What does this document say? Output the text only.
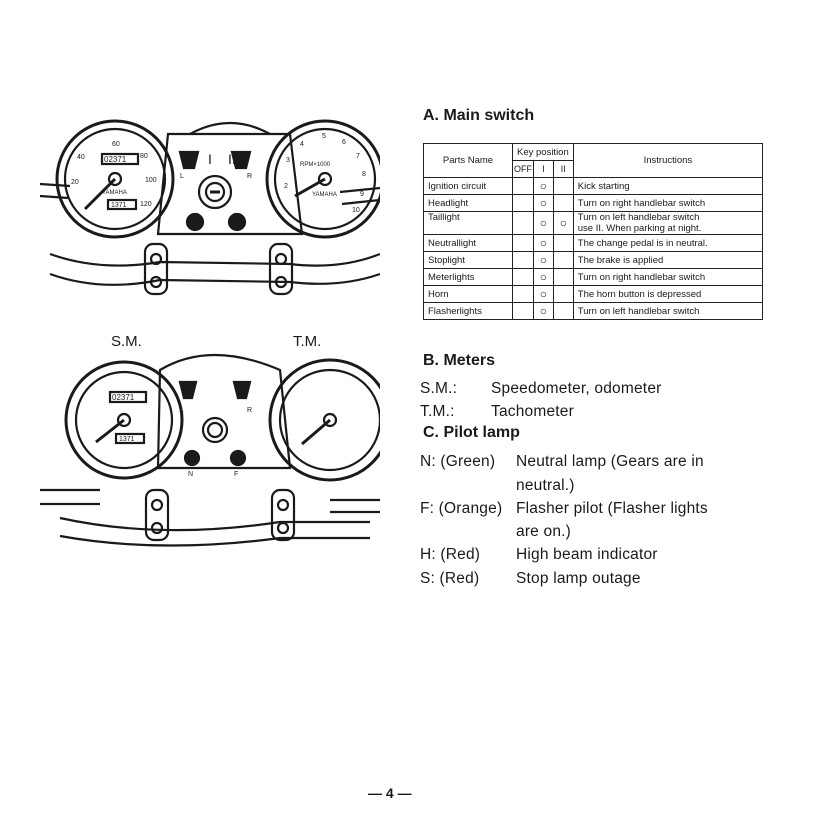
40
60
80
100
120
20
02371
1371
YAMAHA
RPM×1000
YAMAHA
2
3
4
5
6
7
8
9
10
I II
L	R
S.M.	T.M.
02371
1371
L	R
N	F
A. Main switch
Parts Name	Key position			Instructions
	OFF	I	II	
Ignition circuit		○		Kick starting
Headlight		○		Turn on right handlebar switch
Taillight		○	○	Turn on left handlebar switch
use II. When parking at night.

Neutrallight		○		The change pedal is in neutral.
Stoplight		○		The brake is applied
Meterlights		○		Turn on right handlebar switch
Horn		○		The horn button is depressed
Flasherlights		○		Turn on left handlebar switch
B. Meters
S.M.: Speedometer, odometer
T.M.: Tachometer
C. Pilot lamp
N: (Green) Neutral lamp (Gears are in
neutral.)
F: (Orange) Flasher pilot (Flasher lights
are on.)
H: (Red) High beam indicator
S: (Red) Stop lamp outage
— 4 —
